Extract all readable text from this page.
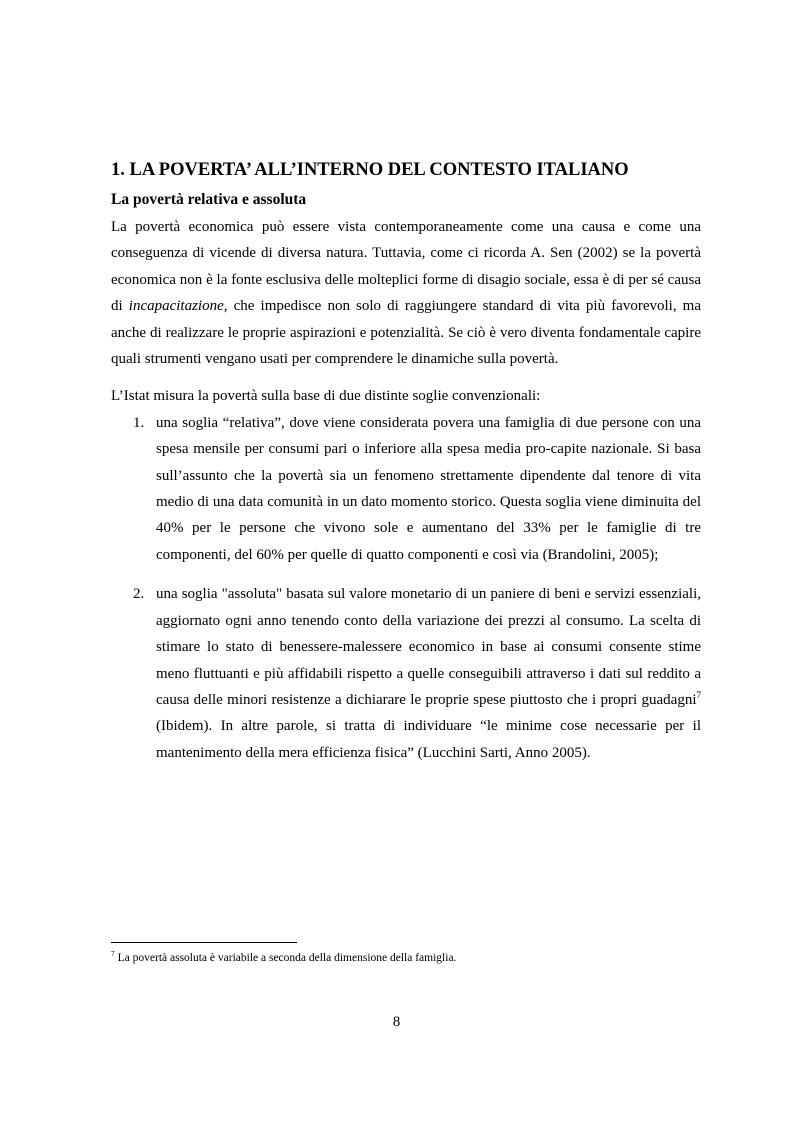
1. LA POVERTA’ ALL’INTERNO DEL CONTESTO ITALIANO
La povertà relativa e assoluta

La povertà economica può essere vista contemporaneamente come una causa e come una conseguenza di vicende di diversa natura. Tuttavia, come ci ricorda A. Sen (2002) se la povertà economica non è la fonte esclusiva delle molteplici forme di disagio sociale, essa è di per sé causa di incapacitazione, che impedisce non solo di raggiungere standard di vita più favorevoli, ma anche di realizzare le proprie aspirazioni e potenzialità. Se ciò è vero diventa fondamentale capire quali strumenti vengano usati per comprendere le dinamiche sulla povertà.

L’Istat misura la povertà sulla base di due distinte soglie convenzionali:

1. una soglia “relativa”, dove viene considerata povera una famiglia di due persone con una spesa mensile per consumi pari o inferiore alla spesa media pro-capite nazionale. Si basa sull’assunto che la povertà sia un fenomeno strettamente dipendente dal tenore di vita medio di una data comunità in un dato momento storico. Questa soglia viene diminuita del 40% per le persone che vivono sole e aumentano del 33% per le famiglie di tre componenti, del 60% per quelle di quatto componenti e così via (Brandolini, 2005);
2. una soglia "assoluta" basata sul valore monetario di un paniere di beni e servizi essenziali, aggiornato ogni anno tenendo conto della variazione dei prezzi al consumo. La scelta di stimare lo stato di benessere-malessere economico in base ai consumi consente stime meno fluttuanti e più affidabili rispetto a quelle conseguibili attraverso i dati sul reddito a causa delle minori resistenze a dichiarare le proprie spese piuttosto che i propri guadagni$^7$ (Ibidem). In altre parole, si tratta di individuare “le minime cose necessarie per il mantenimento della mera efficienza fisica” (Lucchini Sarti, Anno 2005).
$^7$ La povertà assoluta è variabile a seconda della dimensione della famiglia.
8
